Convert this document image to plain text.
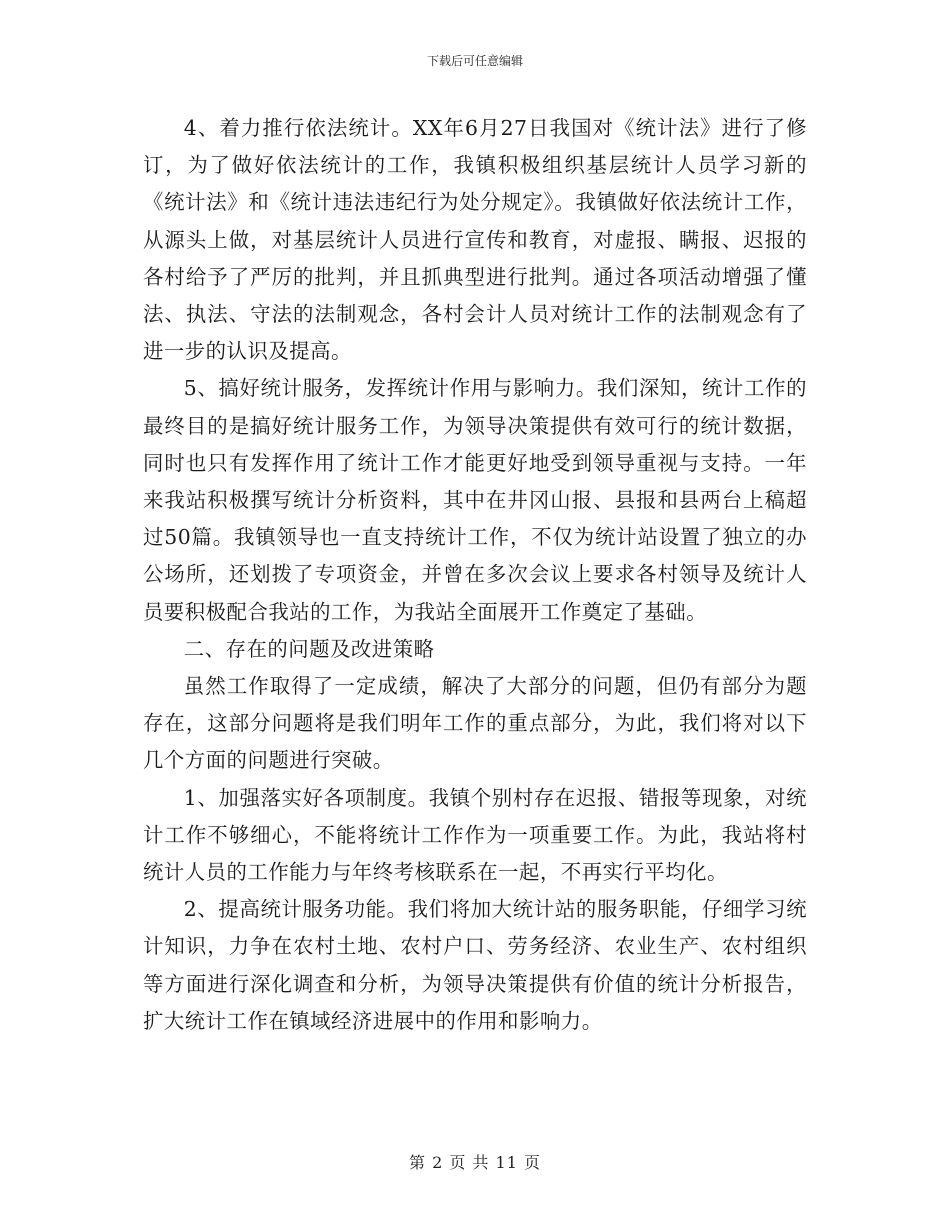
下载后可任意编辑

4、着力推行依法统计。XX年6月27日我国对《统计法》进行了修订，为了做好依法统计的工作，我镇积极组织基层统计人员学习新的《统计法》和《统计违法违纪行为处分规定》。我镇做好依法统计工作，从源头上做，对基层统计人员进行宣传和教育，对虚报、瞒报、迟报的各村给予了严厉的批判，并且抓典型进行批判。通过各项活动增强了懂法、执法、守法的法制观念，各村会计人员对统计工作的法制观念有了进一步的认识及提高。

5、搞好统计服务，发挥统计作用与影响力。我们深知，统计工作的最终目的是搞好统计服务工作，为领导决策提供有效可行的统计数据，同时也只有发挥作用了统计工作才能更好地受到领导重视与支持。一年来我站积极撰写统计分析资料，其中在井冈山报、县报和县两台上稿超过50篇。我镇领导也一直支持统计工作，不仅为统计站设置了独立的办公场所，还划拨了专项资金，并曾在多次会议上要求各村领导及统计人员要积极配合我站的工作，为我站全面展开工作奠定了基础。

二、存在的问题及改进策略

虽然工作取得了一定成绩，解决了大部分的问题，但仍有部分为题存在，这部分问题将是我们明年工作的重点部分，为此，我们将对以下几个方面的问题进行突破。

1、加强落实好各项制度。我镇个别村存在迟报、错报等现象，对统计工作不够细心，不能将统计工作作为一项重要工作。为此，我站将村统计人员的工作能力与年终考核联系在一起，不再实行平均化。

2、提高统计服务功能。我们将加大统计站的服务职能，仔细学习统计知识，力争在农村土地、农村户口、劳务经济、农业生产、农村组织等方面进行深化调查和分析，为领导决策提供有价值的统计分析报告，扩大统计工作在镇域经济进展中的作用和影响力。

第 2 页 共 11 页
